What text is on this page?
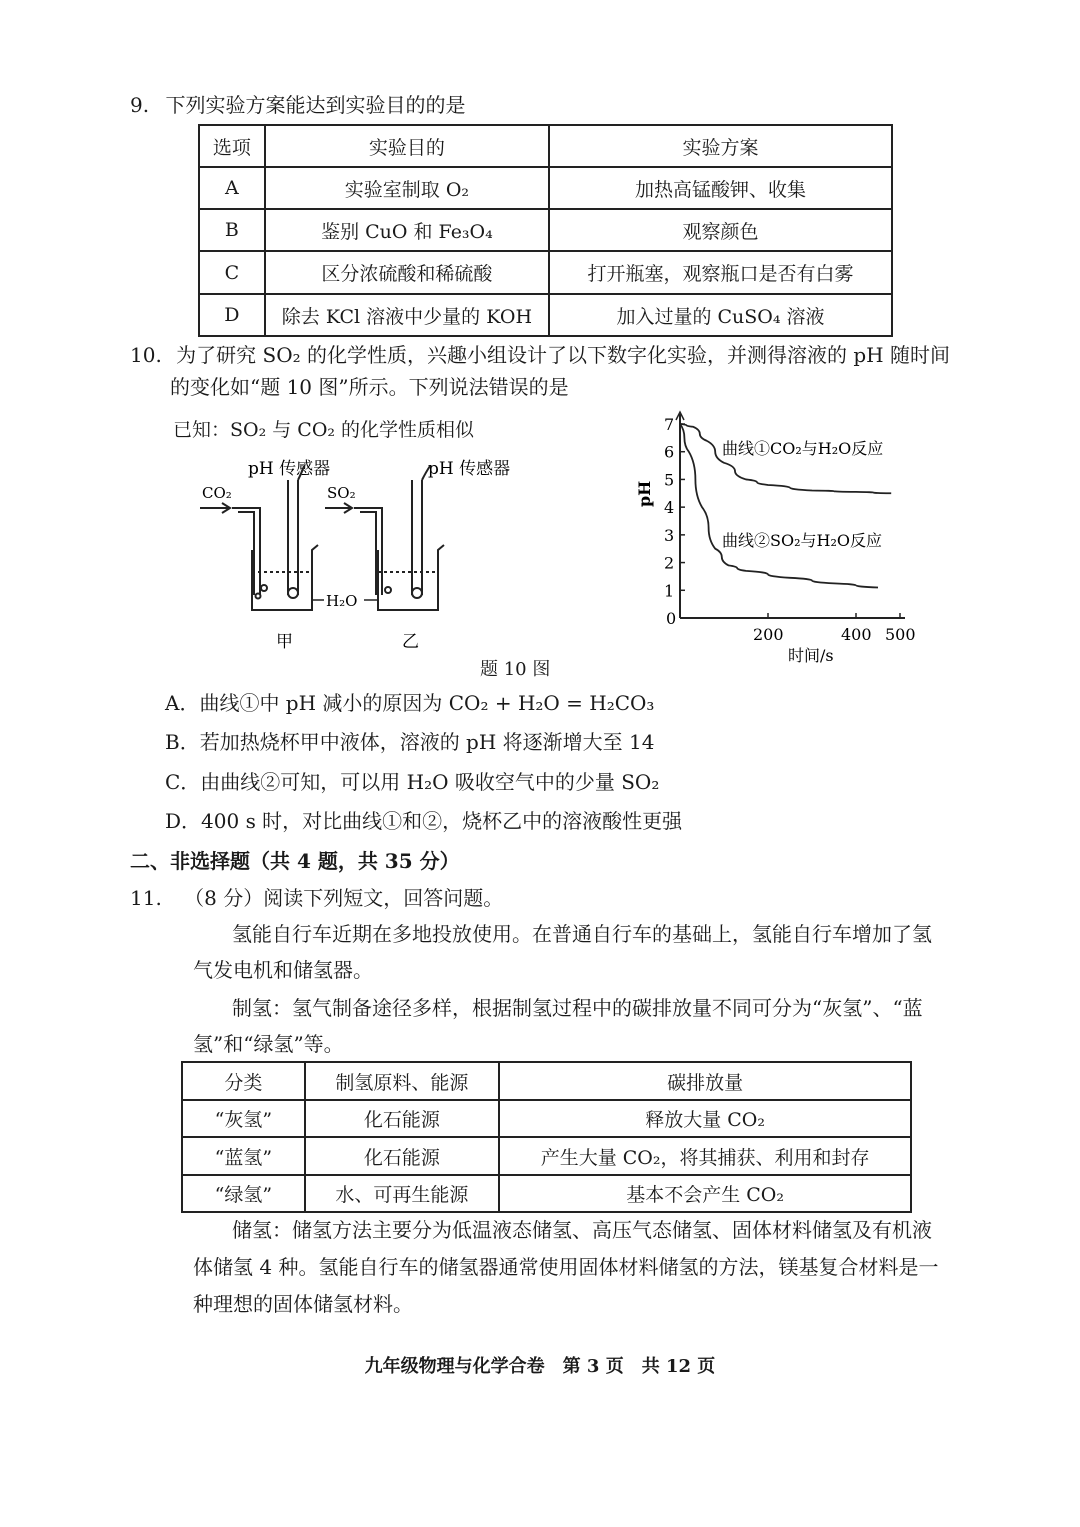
9. 下列实验方案能达到实验目的的是
选项	实验目的	实验方案
A	实验室制取 O₂	加热高锰酸钾、收集
B	鉴别 CuO 和 Fe₃O₄	观察颜色
C	区分浓硫酸和稀硫酸	打开瓶塞，观察瓶口是否有白雾
D	除去 KCl 溶液中少量的 KOH	加入过量的 CuSO₄ 溶液
10. 为了研究 SO₂ 的化学性质，兴趣小组设计了以下数字化实验，并测得溶液的 pH 随时间
的变化如“题 10 图”所示。下列说法错误的是
已知：SO₂ 与 CO₂ 的化学性质相似
pH 传感器	pH 传感器
CO₂	SO₂
H₂O
甲	乙
题 10 图
1
2
3
4
5
6
7
0
200	400 500
pH
时间/s
曲线①CO₂与H₂O反应
曲线②SO₂与H₂O反应
A．曲线①中 pH 减小的原因为 CO₂ + H₂O = H₂CO₃
B．若加热烧杯甲中液体，溶液的 pH 将逐渐增大至 14
C．由曲线②可知，可以用 H₂O 吸收空气中的少量 SO₂
D．400 s 时，对比曲线①和②，烧杯乙中的溶液酸性更强
二、非选择题（共 4 题，共 35 分）
11. （8 分）阅读下列短文，回答问题。
氢能自行车近期在多地投放使用。在普通自行车的基础上，氢能自行车增加了氢
气发电机和储氢器。
制氢：氢气制备途径多样，根据制氢过程中的碳排放量不同可分为“灰氢”、“蓝
氢”和“绿氢”等。
分类	制氢原料、能源	碳排放量
“灰氢”	化石能源	释放大量 CO₂
“蓝氢”	化石能源	产生大量 CO₂，将其捕获、利用和封存
“绿氢”	水、可再生能源	基本不会产生 CO₂
储氢：储氢方法主要分为低温液态储氢、高压气态储氢、固体材料储氢及有机液
体储氢 4 种。氢能自行车的储氢器通常使用固体材料储氢的方法，镁基复合材料是一
种理想的固体储氢材料。
九年级物理与化学合卷　第 3 页　共 12 页
